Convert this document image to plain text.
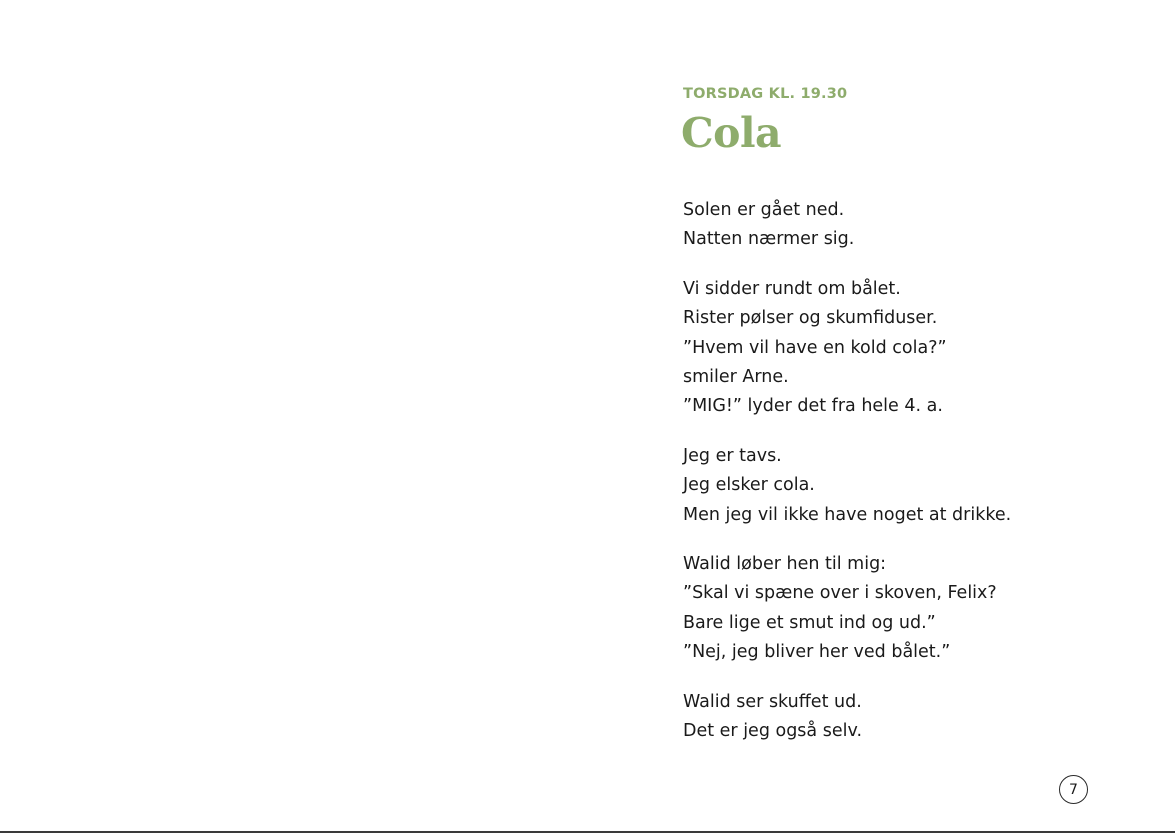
TORSDAG KL. 19.30

Cola
Solen er gået ned.
Natten nærmer sig.
Vi sidder rundt om bålet.
Rister pølser og skumfiduser.
”Hvem vil have en kold cola?”
smiler Arne.
”MIG!” lyder det fra hele 4. a.
Jeg er tavs.
Jeg elsker cola.
Men jeg vil ikke have noget at drikke.
Walid løber hen til mig:
”Skal vi spæne over i skoven, Felix?
Bare lige et smut ind og ud.”
”Nej, jeg bliver her ved bålet.”
Walid ser skuffet ud.
Det er jeg også selv.
7
